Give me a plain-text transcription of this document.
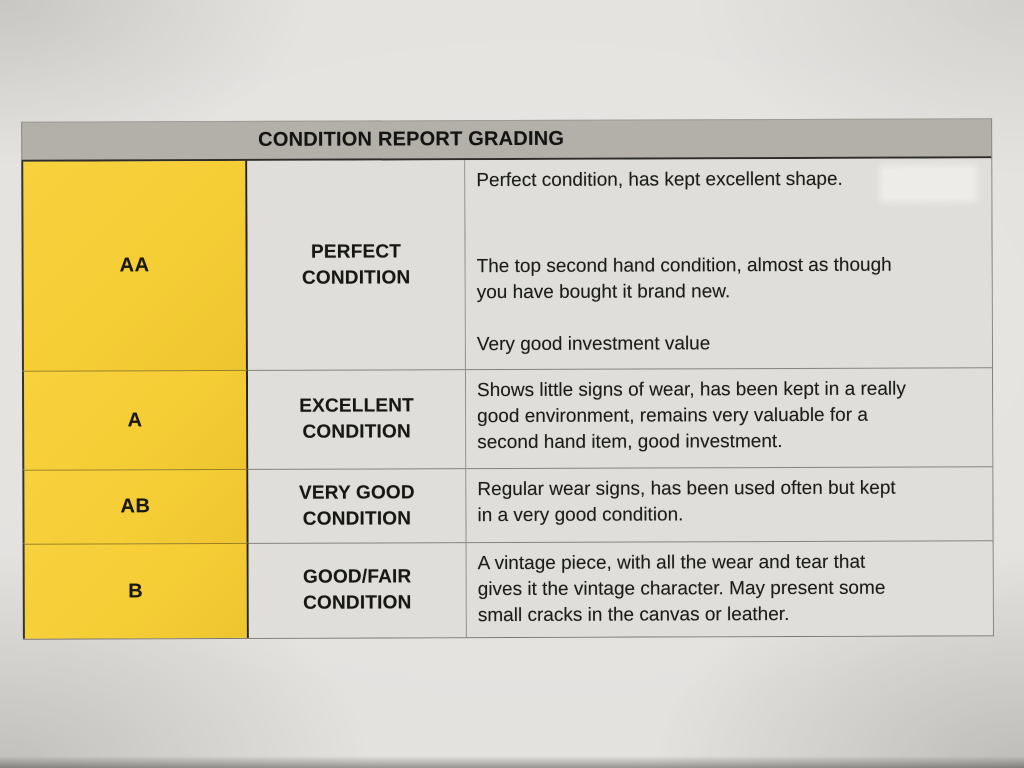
CONDITION REPORT GRADING
AA
PERFECT
CONDITION

Perfect condition, has kept excellent shape.

The top second hand condition, almost as though
you have bought it brand new.

Very good investment value

A
EXCELLENT
CONDITION

Shows little signs of wear, has been kept in a really
good environment, remains very valuable for a
second hand item, good investment.

AB
VERY GOOD
CONDITION

Regular wear signs, has been used often but kept
in a very good condition.

B
GOOD/FAIR
CONDITION

A vintage piece, with all the wear and tear that
gives it the vintage character. May present some
small cracks in the canvas or leather.
